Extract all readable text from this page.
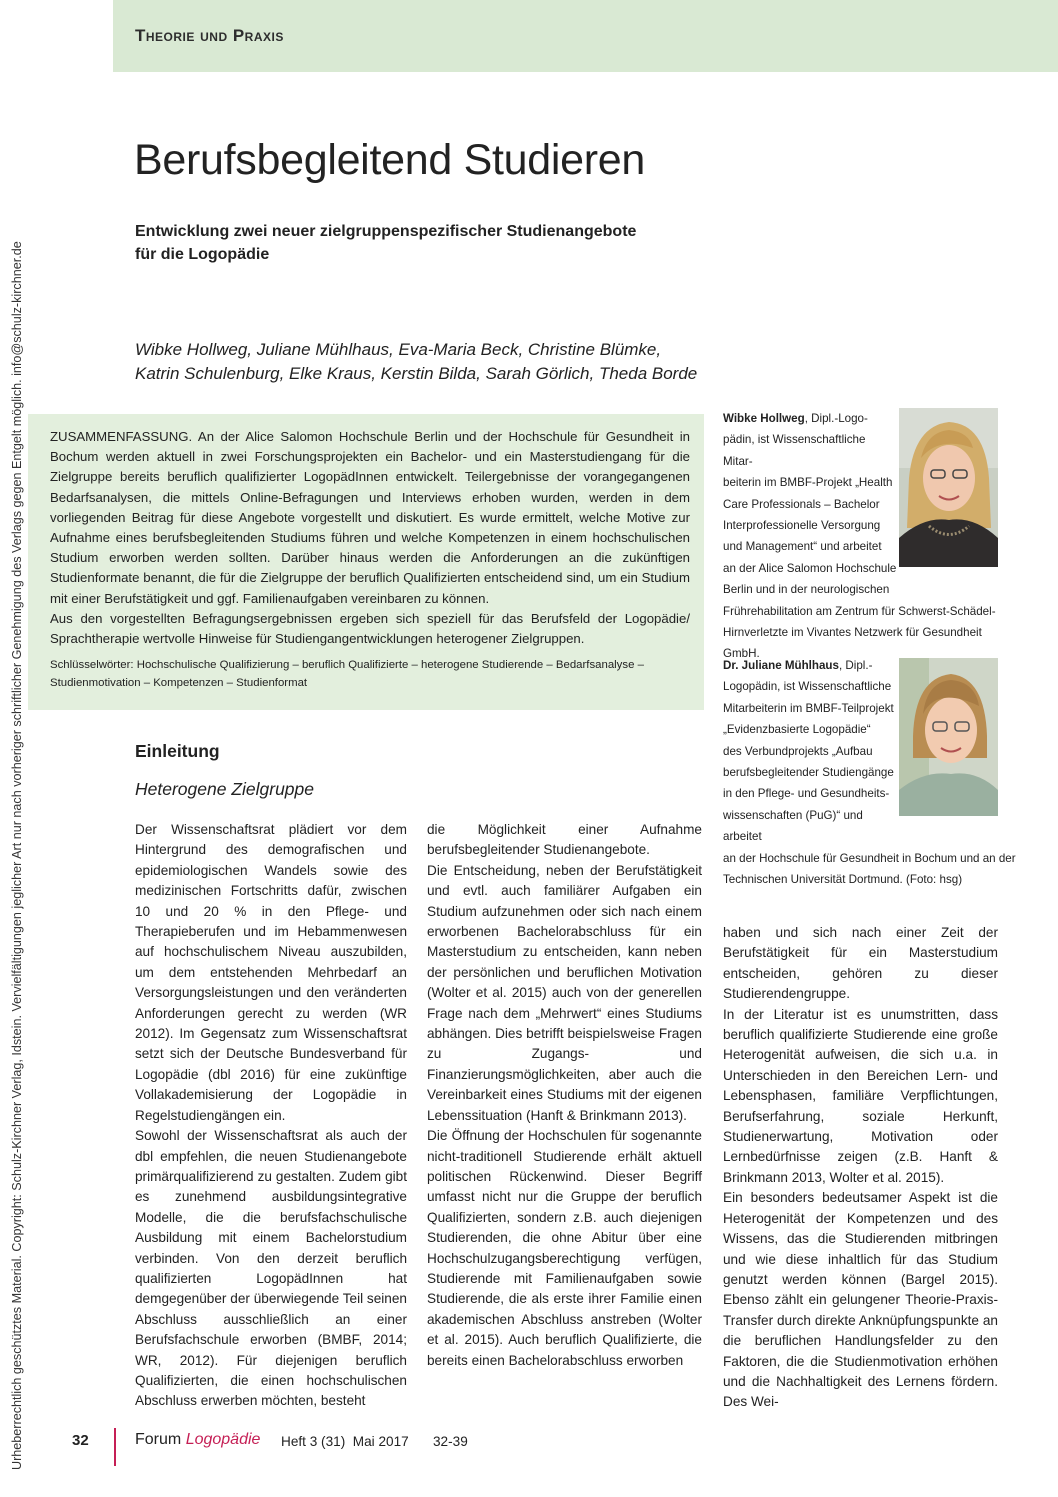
Theorie und Praxis
Urheberrechtlich geschütztes Material. Copyright: Schulz-Kirchner Verlag, Idstein. Vervielfältigungen jeglicher Art nur nach vorheriger schriftlicher Genehmigung des Verlags gegen Entgelt möglich. info@schulz-kirchner.de
Berufsbegleitend Studieren
Entwicklung zwei neuer zielgruppenspezifischer Studienangebote
für die Logopädie
Wibke Hollweg, Juliane Mühlhaus, Eva-Maria Beck, Christine Blümke,
Katrin Schulenburg, Elke Kraus, Kerstin Bilda, Sarah Görlich, Theda Borde

ZUSAMMENFASSUNG. An der Alice Salomon Hochschule Berlin und der Hochschule für Gesundheit in Bochum werden aktuell in zwei Forschungsprojekten ein Bachelor- und ein Masterstudiengang für die Zielgruppe bereits beruflich qualifizierter LogopädInnen entwickelt. Teilergebnisse der vorangegangenen Bedarfsanalysen, die mittels Online-Befragungen und Interviews erhoben wurden, werden in dem vorliegenden Beitrag für diese Angebote vorgestellt und diskutiert. Es wurde ermittelt, welche Motive zur Aufnahme eines berufsbegleitenden Studiums führen und welche Kompetenzen in einem hochschulischen Studium erworben werden sollten. Darüber hinaus werden die Anforderungen an die zukünftigen Studienformate benannt, die für die Zielgruppe der beruflich Qualifizierten entscheidend sind, um ein Studium mit einer Berufstätigkeit und ggf. Familienaufgaben vereinbaren zu können.

Aus den vorgestellten Befragungsergebnissen ergeben sich speziell für das Berufsfeld der Logopädie/ Sprachtherapie wertvolle Hinweise für Studiengangentwicklungen heterogener Zielgruppen.

Schlüsselwörter: Hochschulische Qualifizierung – beruflich Qualifizierte – heterogene Studierende – Bedarfsanalyse – Studienmotivation – Kompetenzen – Studienformat
Wibke Hollweg, Dipl.-Logo-
pädin, ist Wissenschaftliche Mitar-
beiterin im BMBF-Projekt „Health
Care Professionals – Bachelor
Interprofessionelle Versorgung
und Management“ und arbeitet
an der Alice Salomon Hochschule
Berlin und in der neurologischen
Frührehabilitation am Zentrum für Schwerst-Schädel-
Hirnverletzte im Vivantes Netzwerk für Gesundheit
GmbH.
Dr. Juliane Mühlhaus, Dipl.-
Logopädin, ist Wissenschaftliche
Mitarbeiterin im BMBF-Teilprojekt
„Evidenzbasierte Logopädie“
des Verbundprojekts „Aufbau
berufsbegleitender Studiengänge
in den Pflege- und Gesundheits-
wissenschaften (PuG)“ und arbeitet
an der Hochschule für Gesundheit in Bochum und an der
Technischen Universität Dortmund. (Foto: hsg)
Einleitung
Heterogene Zielgruppe

Der Wissenschaftsrat plädiert vor dem Hintergrund des demografischen und epidemiologischen Wandels sowie des medizinischen Fortschritts dafür, zwischen 10 und 20 % in den Pflege- und Therapieberufen und im Hebammenwesen auf hochschulischem Niveau auszubilden, um dem entstehenden Mehrbedarf an Versorgungsleistungen und den veränderten Anforderungen gerecht zu werden (WR 2012). Im Gegensatz zum Wissenschaftsrat setzt sich der Deutsche Bundesverband für Logopädie (dbl 2016) für eine zukünftige Vollakademisierung der Logopädie in Regelstudiengängen ein.

Sowohl der Wissenschaftsrat als auch der dbl empfehlen, die neuen Studienangebote primärqualifizierend zu gestalten. Zudem gibt es zunehmend ausbildungsintegrative Modelle, die die berufsfachschulische Ausbildung mit einem Bachelorstudium verbinden. Von den derzeit beruflich qualifizierten LogopädInnen hat demgegenüber der überwiegende Teil seinen Abschluss ausschließlich an einer Berufsfachschule erworben (BMBF, 2014; WR, 2012). Für diejenigen beruflich Qualifizierten, die einen hochschulischen Abschluss erwerben möchten, besteht

die Möglichkeit einer Aufnahme berufsbegleitender Studienangebote.

Die Entscheidung, neben der Berufstätigkeit und evtl. auch familiärer Aufgaben ein Studium aufzunehmen oder sich nach einem erworbenen Bachelorabschluss für ein Masterstudium zu entscheiden, kann neben der persönlichen und beruflichen Motivation (Wolter et al. 2015) auch von der generellen Frage nach dem „Mehrwert“ eines Studiums abhängen. Dies betrifft beispielsweise Fragen zu Zugangs- und Finanzierungsmöglichkeiten, aber auch die Vereinbarkeit eines Studiums mit der eigenen Lebenssituation (Hanft & Brinkmann 2013).

Die Öffnung der Hochschulen für sogenannte nicht-traditionell Studierende erhält aktuell politischen Rückenwind. Dieser Begriff umfasst nicht nur die Gruppe der beruflich Qualifizierten, sondern z.B. auch diejenigen Studierenden, die ohne Abitur über eine Hochschulzugangsberechtigung verfügen, Studierende mit Familienaufgaben sowie Studierende, die als erste ihrer Familie einen akademischen Abschluss anstreben (Wolter et al. 2015). Auch beruflich Qualifizierte, die bereits einen Bachelorabschluss erworben

haben und sich nach einer Zeit der Berufstätigkeit für ein Masterstudium entscheiden, gehören zu dieser Studierendengruppe.

In der Literatur ist es unumstritten, dass beruflich qualifizierte Studierende eine große Heterogenität aufweisen, die sich u.a. in Unterschieden in den Bereichen Lern- und Lebensphasen, familiäre Verpflichtungen, Berufserfahrung, soziale Herkunft, Studienerwartung, Motivation oder Lernbedürfnisse zeigen (z.B. Hanft & Brinkmann 2013, Wolter et al. 2015).

Ein besonders bedeutsamer Aspekt ist die Heterogenität der Kompetenzen und des Wissens, das die Studierenden mitbringen und wie diese inhaltlich für das Studium genutzt werden können (Bargel 2015). Ebenso zählt ein gelungener Theorie-Praxis-Transfer durch direkte Anknüpfungspunkte an die beruflichen Handlungsfelder zu den Faktoren, die die Studienmotivation erhöhen und die Nachhaltigkeit des Lernens fördern. Des Wei-

32	Forum Logopädie Heft 3 (31)  Mai 2017 32-39
